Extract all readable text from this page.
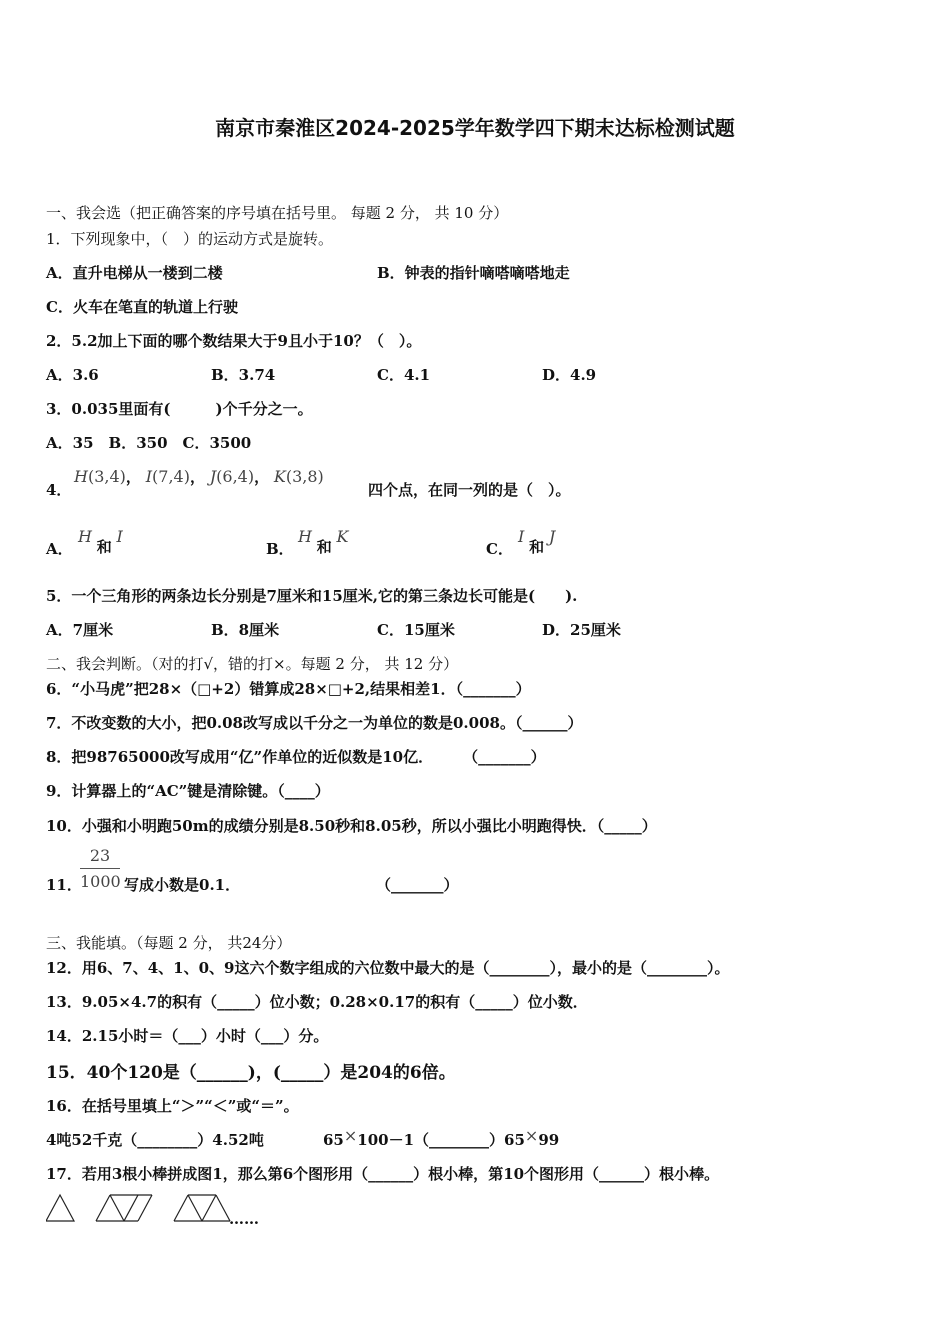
南京市秦淮区2024-2025学年数学四下期末达标检测试题
一、我会选（把正确答案的序号填在括号里。 每题 2 分， 共 10 分）
1．下列现象中，（　）的运动方式是旋转。
A．直升电梯从一楼到二楼	B．钟表的指针嘀嗒嘀嗒地走
C．火车在笔直的轨道上行驶
2．5.2加上下面的哪个数结果大于9且小于10？（　）。
A．3.6	B．3.74	C．4.1	D．4.9
3．0.035里面有(　　　)个千分之一。
A．35　B．350　C．3500
4．
H(3,4)， I(7,4)， J(6,4)， K(3,8)
四个点，在同一列的是（　）。
A．
H 和 I
B．
H 和 K
C．
I 和 J
5．一个三角形的两条边长分别是7厘米和15厘米,它的第三条边长可能是(　　).
A．7厘米	B．8厘米	C．15厘米	D．25厘米
二、我会判断。（对的打√，错的打×。每题 2 分， 共 12 分）
6．“小马虎”把28×（□+2）错算成28×□+2,结果相差1．（_______）
7．不改变数的大小，把0.08改写成以千分之一为单位的数是0.008。（______）
8．把98765000改写成用“亿”作单位的近似数是10亿．　　　（_______）
9．计算器上的“AC”键是清除键。（____）
10．小强和小明跑50m的成绩分别是8.50秒和8.05秒，所以小强比小明跑得快．（_____）
11．
23
1000 写成小数是0.1．	（_______）
三、我能填。（每题 2 分， 共24分）
12．用6、7、4、1、0、9这六个数字组成的六位数中最大的是（________），最小的是（________）。
13．9.05×4.7的积有（_____）位小数；0.28×0.17的积有（_____）位小数．
14．2.15小时＝（___）小时（___）分。
15．40个120是（______)，(_____）是204的6倍。
16．在括号里填上“＞”“＜”或“＝”。
4吨52千克（________）4.52吨	65×100－1（________）65×99
17．若用3根小棒拼成图1，那么第6个图形用（______）根小棒，第10个图形用（______）根小棒。
……
